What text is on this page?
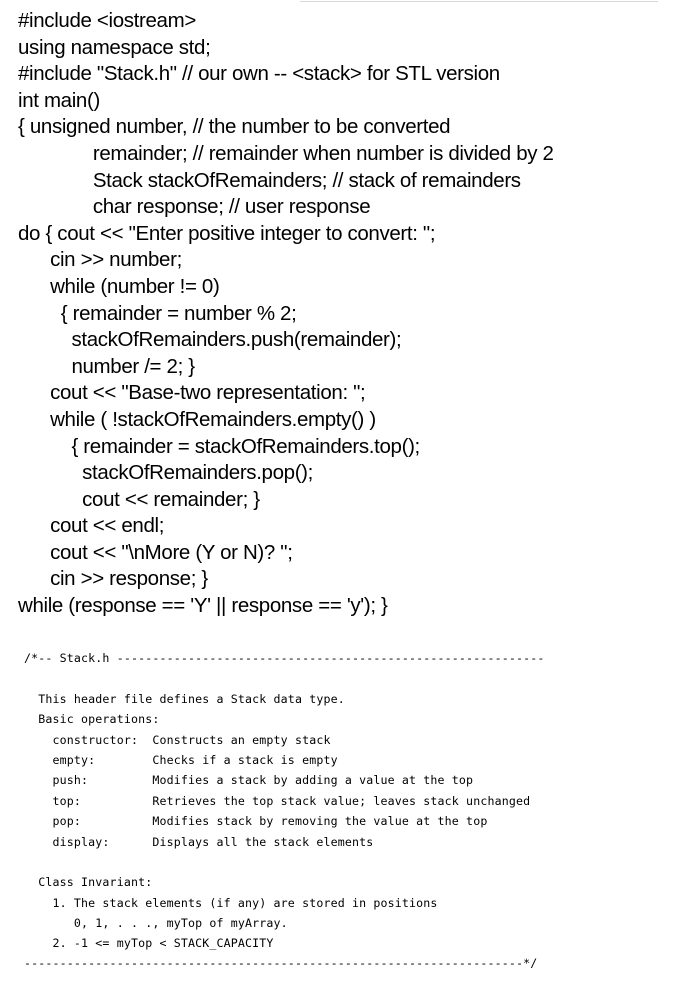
#include <iostream>
using namespace std;
#include "Stack.h" // our own -- <stack> for STL version
int main()
{ unsigned number, // the number to be converted
remainder; // remainder when number is divided by 2
Stack stackOfRemainders; // stack of remainders
char response; // user response
do { cout << "Enter positive integer to convert: ";
cin >> number;
while (number != 0)
{ remainder = number % 2;
stackOfRemainders.push(remainder);
number /= 2; }
cout << "Base-two representation: ";
while ( !stackOfRemainders.empty() )
{ remainder = stackOfRemainders.top();
stackOfRemainders.pop();
cout << remainder; }
cout << endl;
cout << "\nMore (Y or N)? ";
cin >> response; }
while (response == 'Y' || response == 'y'); }
/*-- Stack.h ------------------------------------------------------------
This header file defines a Stack data type.
Basic operations:
constructor:  Constructs an empty stack
empty:        Checks if a stack is empty
push:         Modifies a stack by adding a value at the top
top:          Retrieves the top stack value; leaves stack unchanged
pop:          Modifies stack by removing the value at the top
display:      Displays all the stack elements
Class Invariant:
1. The stack elements (if any) are stored in positions
0, 1, . . ., myTop of myArray.
2. -1 <= myTop < STACK_CAPACITY
----------------------------------------------------------------------*/
